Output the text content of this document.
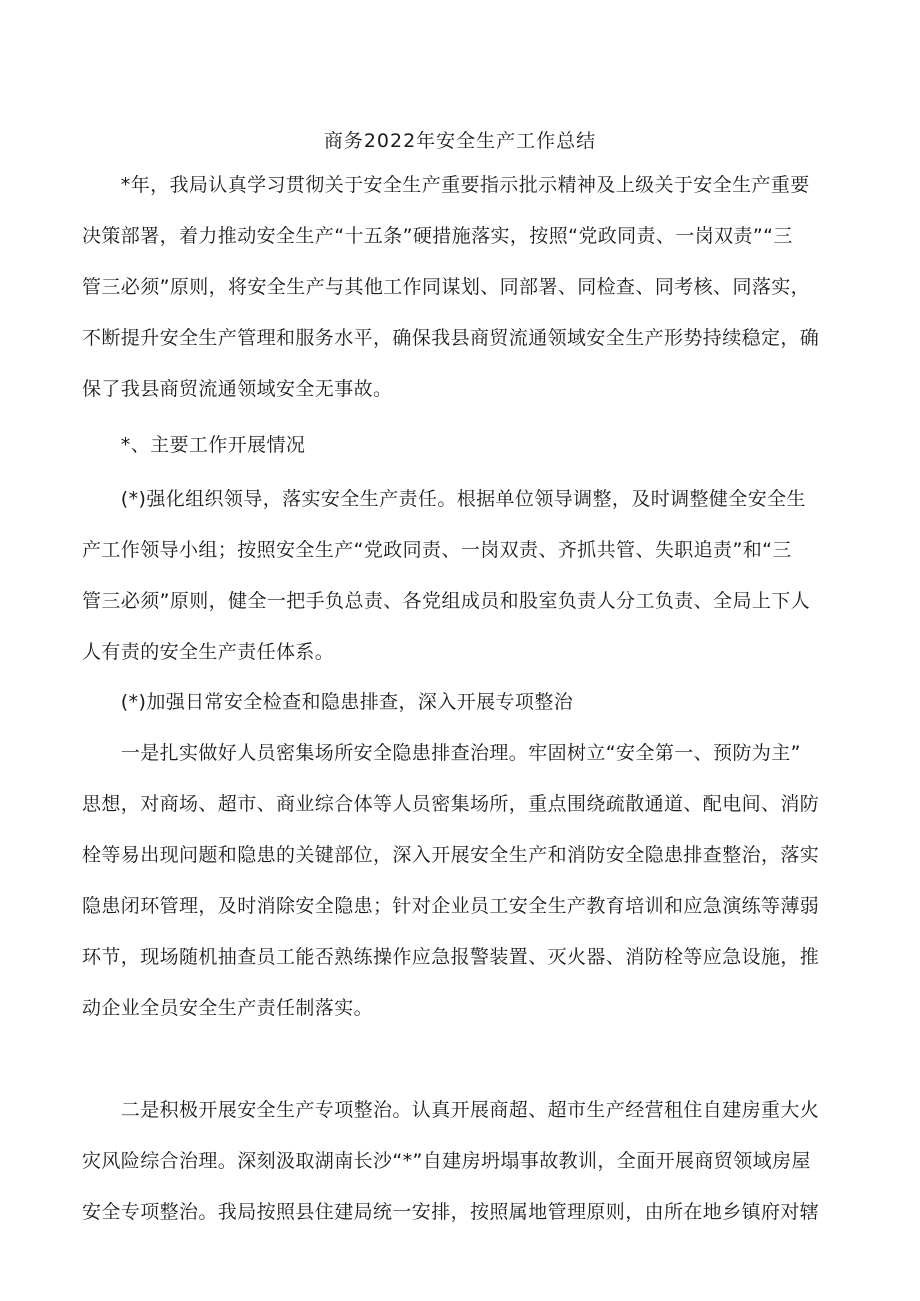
商务2022年安全生产工作总结
　　*年，我局认真学习贯彻关于安全生产重要指示批示精神及上级关于安全生产重要
决策部署，着力推动安全生产“十五条”硬措施落实，按照“党政同责、一岗双责”“三
管三必须”原则，将安全生产与其他工作同谋划、同部署、同检查、同考核、同落实，
不断提升安全生产管理和服务水平，确保我县商贸流通领域安全生产形势持续稳定，确
保了我县商贸流通领域安全无事故。
　　*、主要工作开展情况
　　(*)强化组织领导，落实安全生产责任。根据单位领导调整，及时调整健全安全生
产工作领导小组；按照安全生产“党政同责、一岗双责、齐抓共管、失职追责”和“三
管三必须”原则，健全一把手负总责、各党组成员和股室负责人分工负责、全局上下人
人有责的安全生产责任体系。
　　(*)加强日常安全检查和隐患排查，深入开展专项整治
　　一是扎实做好人员密集场所安全隐患排查治理。牢固树立“安全第一、预防为主”
思想，对商场、超市、商业综合体等人员密集场所，重点围绕疏散通道、配电间、消防
栓等易出现问题和隐患的关键部位，深入开展安全生产和消防安全隐患排查整治，落实
隐患闭环管理，及时消除安全隐患；针对企业员工安全生产教育培训和应急演练等薄弱
环节，现场随机抽查员工能否熟练操作应急报警装置、灭火器、消防栓等应急设施，推
动企业全员安全生产责任制落实。
　　二是积极开展安全生产专项整治。认真开展商超、超市生产经营租住自建房重大火
灾风险综合治理。深刻汲取湖南长沙“*”自建房坍塌事故教训，全面开展商贸领域房屋
安全专项整治。我局按照县住建局统一安排，按照属地管理原则，由所在地乡镇府对辖
